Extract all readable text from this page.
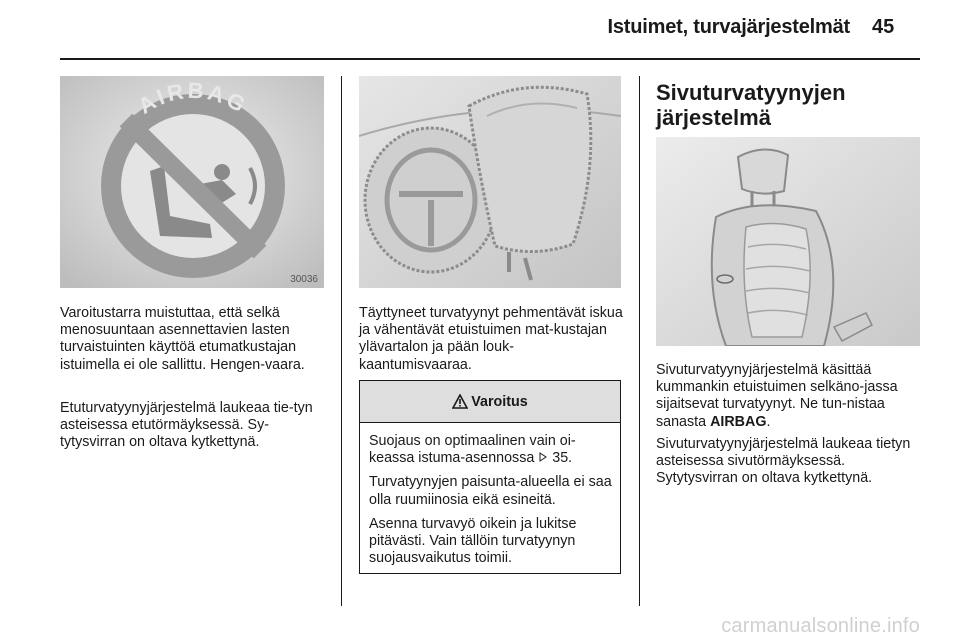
Istuimet, turvajärjestelmät 45
AIRBAG
30036

Varoitustarra muistuttaa, että selkä menosuuntaan asennettavien lasten turvaistuinten käyttöä etumatkustajan istuimella ei ole sallittu. Hengen-vaara.

Etuturvatyynyjärjestelmä laukeaa tie-tyn asteisessa etutörmäyksessä. Sy-tytysvirran on oltava kytkettynä.

Täyttyneet turvatyynyt pehmentävät iskua ja vähentävät etuistuimen mat-kustajan ylävartalon ja pään louk-kaantumisvaaraa.

Varoitus

Suojaus on optimaalinen vain oi-keassa istuma-asennossa 35.

Turvatyynyjen paisunta-alueella ei saa olla ruumiinosia eikä esineitä.

Asenna turvavyö oikein ja lukitse pitävästi. Vain tällöin turvatyynyn suojausvaikutus toimii.

Sivuturvatyynyjen järjestelmä

Sivuturvatyynyjärjestelmä käsittää kummankin etuistuimen selkäno-jassa sijaitsevat turvatyynyt. Ne tun-nistaa sanasta AIRBAG.

Sivuturvatyynyjärjestelmä laukeaa tietyn asteisessa sivutörmäyksessä. Sytytysvirran on oltava kytkettynä.

carmanualsonline.info
